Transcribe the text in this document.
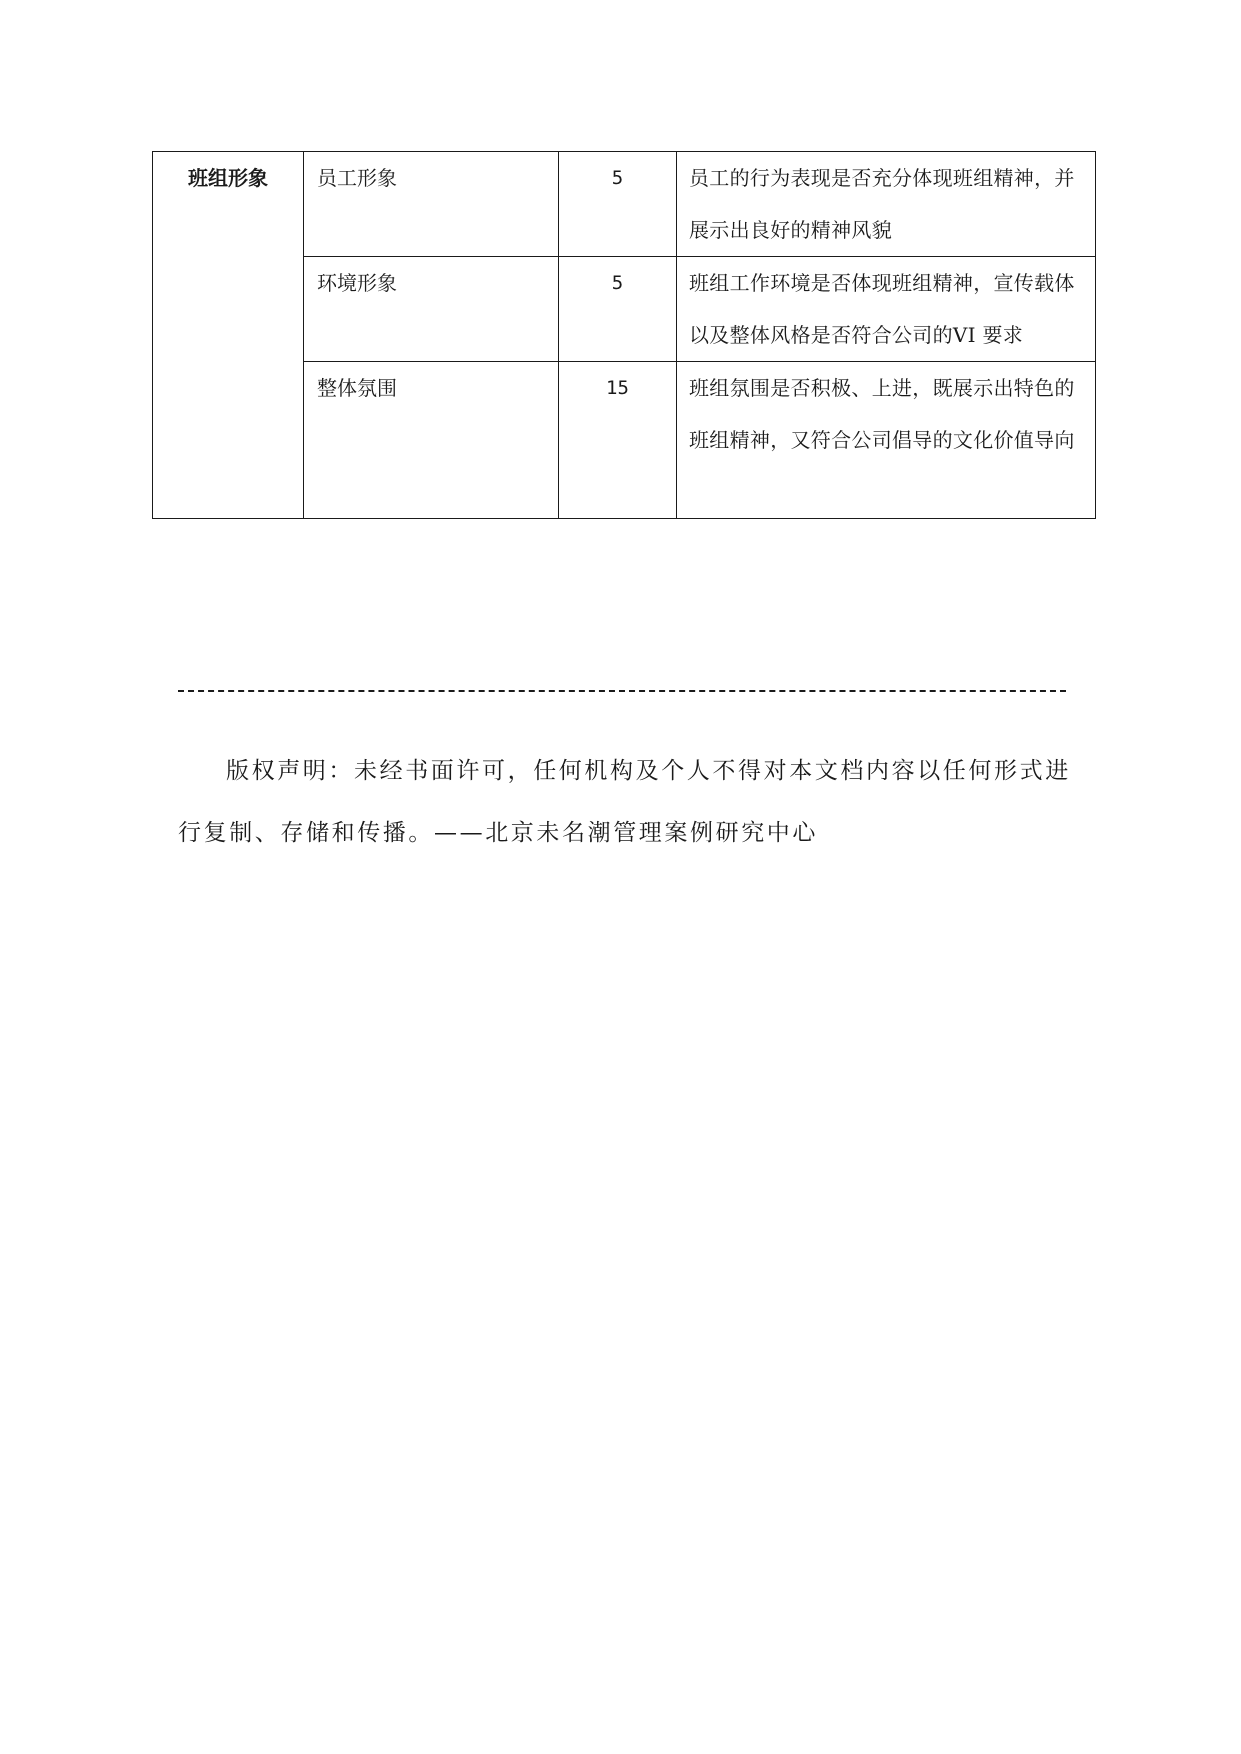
班组形象	员工形象	5	员工的行为表现是否充分体现班组精神，并展示出良好的精神风貌
	环境形象	5	班组工作环境是否体现班组精神，宣传载体以及整体风格是否符合公司的VI 要求
	整体氛围	15	班组氛围是否积极、上进，既展示出特色的班组精神，又符合公司倡导的文化价值导向

版权声明：未经书面许可，任何机构及个人不得对本文档内容以任何形式进行复制、存储和传播。——北京未名潮管理案例研究中心
